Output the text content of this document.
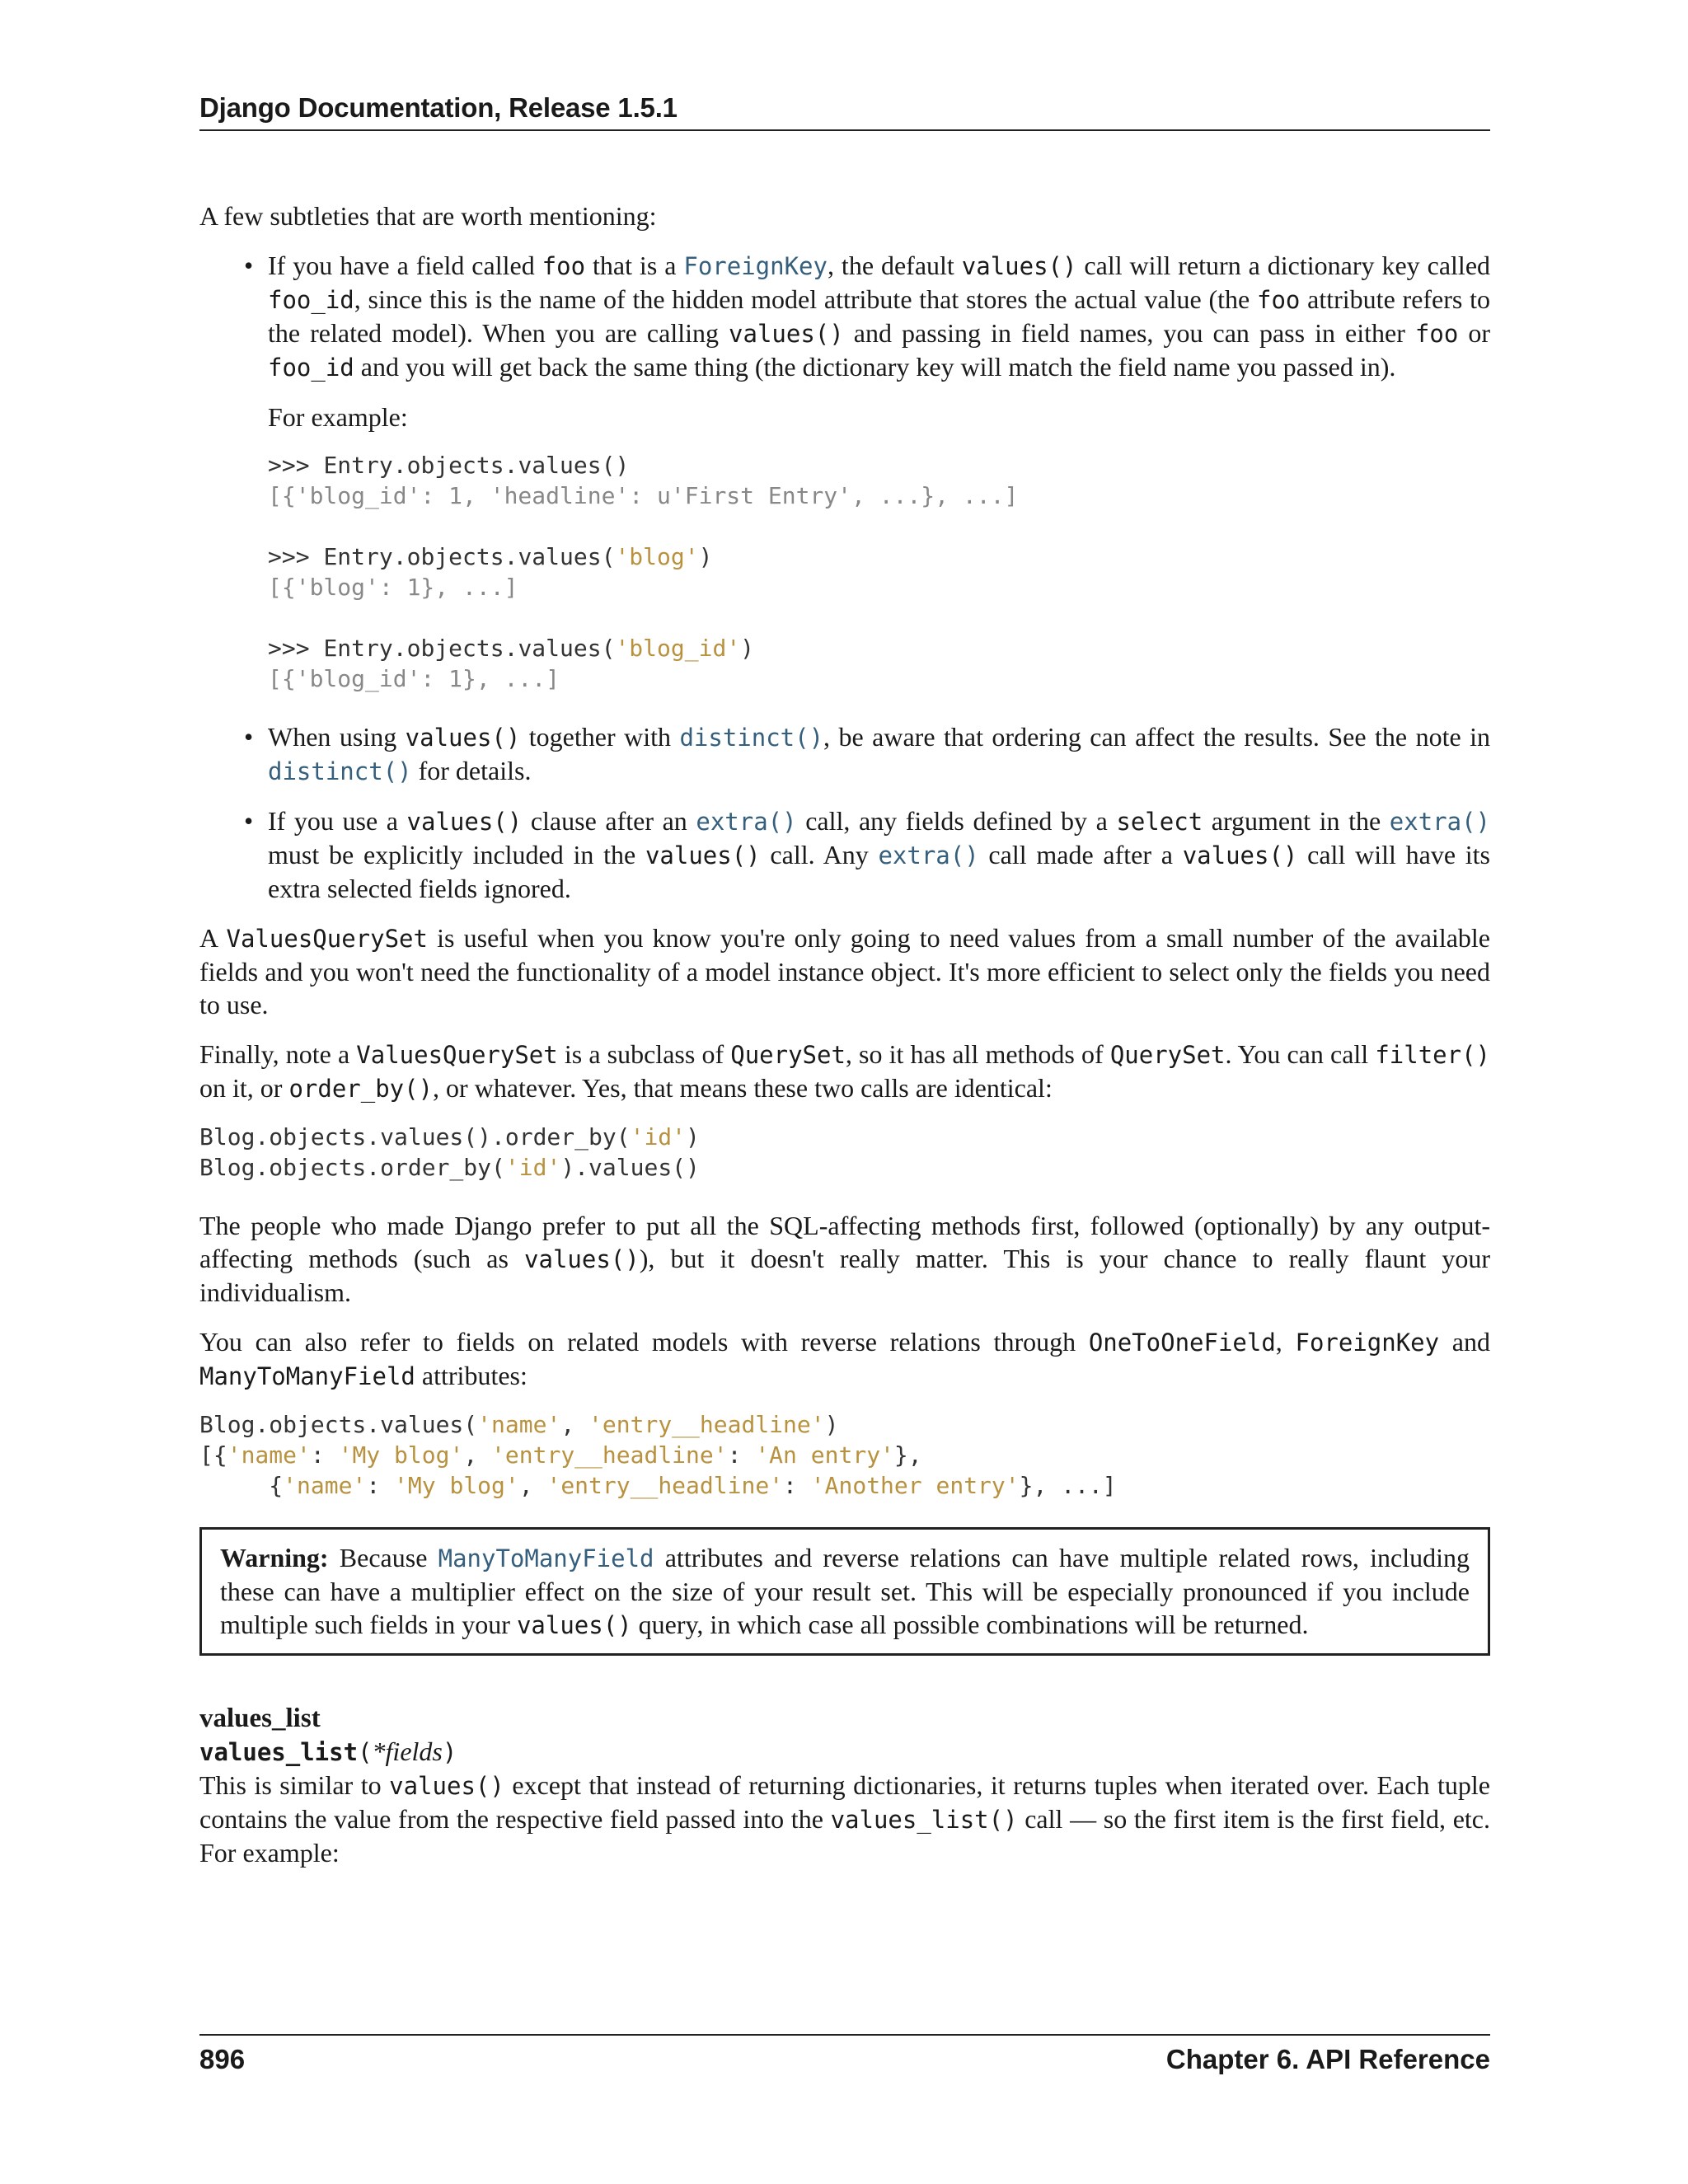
Django Documentation, Release 1.5.1

A few subtleties that are worth mentioning:

• If you have a field called foo that is a ForeignKey, the default values() call will return a dictionary key called foo_id, since this is the name of the hidden model attribute that stores the actual value (the foo attribute refers to the related model). When you are calling values() and passing in field names, you can pass in either foo or foo_id and you will get back the same thing (the dictionary key will match the field name you passed in).

For example:

>>> Entry.objects.values()
[{'blog_id': 1, 'headline': u'First Entry', ...}, ...]

>>> Entry.objects.values('blog')
[{'blog': 1}, ...]

>>> Entry.objects.values('blog_id')
[{'blog_id': 1}, ...]
• When using values() together with distinct(), be aware that ordering can affect the results. See the note in distinct() for details.

• If you use a values() clause after an extra() call, any fields defined by a select argument in the extra() must be explicitly included in the values() call. Any extra() call made after a values() call will have its extra selected fields ignored.

A ValuesQuerySet is useful when you know you're only going to need values from a small number of the available fields and you won't need the functionality of a model instance object. It's more efficient to select only the fields you need to use.

Finally, note a ValuesQuerySet is a subclass of QuerySet, so it has all methods of QuerySet. You can call filter() on it, or order_by(), or whatever. Yes, that means these two calls are identical:

Blog.objects.values().order_by('id')
Blog.objects.order_by('id').values()

The people who made Django prefer to put all the SQL-affecting methods first, followed (optionally) by any output-affecting methods (such as values()), but it doesn't really matter. This is your chance to really flaunt your individualism.

You can also refer to fields on related models with reverse relations through OneToOneField, ForeignKey and ManyToManyField attributes:

Blog.objects.values('name', 'entry__headline')
[{'name': 'My blog', 'entry__headline': 'An entry'},
{'name': 'My blog', 'entry__headline': 'Another entry'}, ...]

Warning: Because ManyToManyField attributes and reverse relations can have multiple related rows, including these can have a multiplier effect on the size of your result set. This will be especially pronounced if you include multiple such fields in your values() query, in which case all possible combinations will be returned.

values_list
values_list(*fields)

This is similar to values() except that instead of returning dictionaries, it returns tuples when iterated over. Each tuple contains the value from the respective field passed into the values_list() call — so the first item is the first field, etc. For example:

896	Chapter 6. API Reference
